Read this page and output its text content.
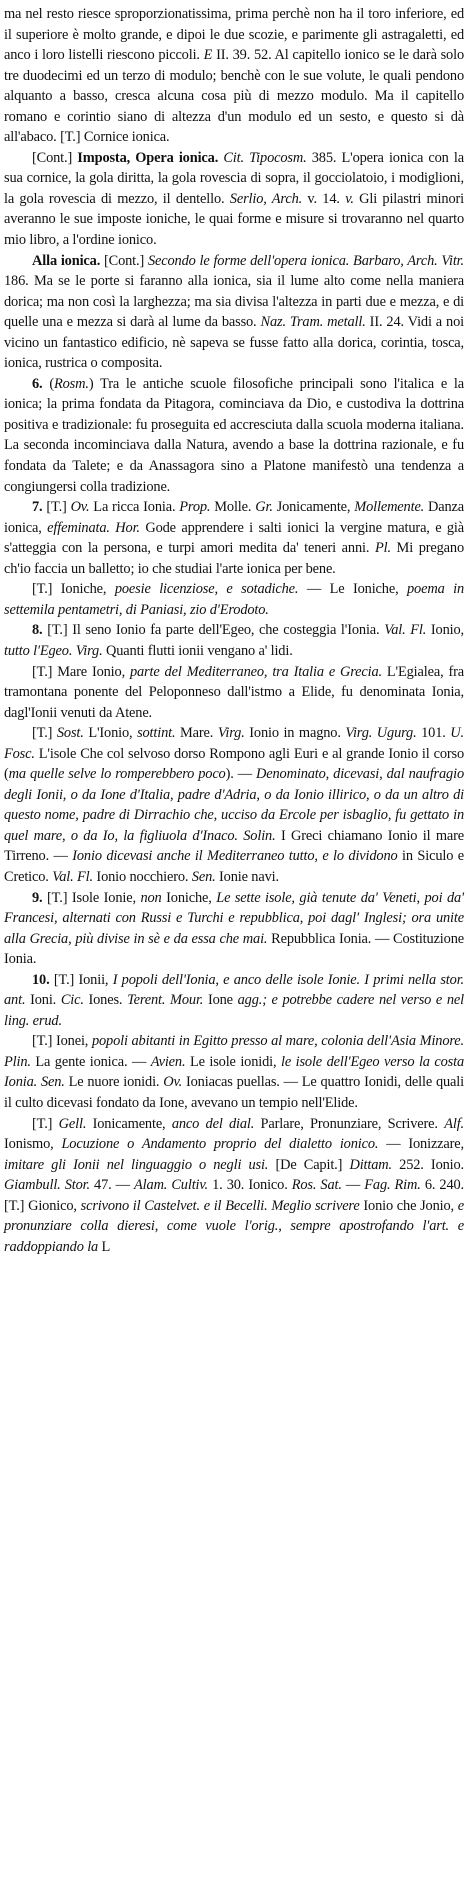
ma nel resto riesce sproporzionatissima, prima perchè non ha il toro inferiore, ed il superiore è molto grande, e dipoi le due scozie, e parimente gli astragaletti, ed anco i loro listelli riescono piccoli. E II. 39. 52. Al capitello ionico se le darà solo tre duodecimi ed un terzo di modulo; benchè con le sue volute, le quali pendono alquanto a basso, cresca alcuna cosa più di mezzo modulo. Ma il capitello romano e corintio siano di altezza d'un modulo ed un sesto, e questo si dà all'abaco. [T.] Cornice ionica.

[Cont.] Imposta, Opera ionica. Cit. Tipocosm. 385. L'opera ionica con la sua cornice, la gola diritta, la gola rovescia di sopra, il gocciolatoio, i modiglioni, la gola rovescia di mezzo, il dentello. Serlio, Arch. v. 14. v. Gli pilastri minori averanno le sue imposte ioniche, le quai forme e misure si trovaranno nel quarto mio libro, a l'ordine ionico.

Alla ionica. [Cont.] Secondo le forme dell'opera ionica. Barbaro, Arch. Vitr. 186. Ma se le porte si faranno alla ionica, sia il lume alto come nella maniera dorica; ma non così la larghezza; ma sia divisa l'altezza in parti due e mezza, e di quelle una e mezza si darà al lume da basso. Naz. Tram. metall. II. 24. Vidi a noi vicino un fantastico edificio, nè sapeva se fusse fatto alla dorica, corintia, tosca, ionica, rustrica o composita.

6. (Rosm.) Tra le antiche scuole filosofiche principali sono l'italica e la ionica; la prima fondata da Pitagora, cominciava da Dio, e custodiva la dottrina positiva e tradizionale: fu proseguita ed accresciuta dalla scuola moderna italiana. La seconda incominciava dalla Natura, avendo a base la dottrina razionale, e fu fondata da Talete; e da Anassagora sino a Platone manifestò una tendenza a congiungersi colla tradizione.

7. [T.] Ov. La ricca Ionia. Prop. Molle. Gr. Jonicamente, Mollemente. Danza ionica, effeminata. Hor. Gode apprendere i salti ionici la vergine matura, e già s'atteggia con la persona, e turpi amori medita da' teneri anni. Pl. Mi pregano ch'io faccia un balletto; io che studiai l'arte ionica per bene.

[T.] Ioniche, poesie licenziose, e sotadiche. — Le Ioniche, poema in settemila pentametri, di Paniasi, zio d'Erodoto.

8. [T.] Il seno Ionio fa parte dell'Egeo, che costeggia l'Ionia. Val. Fl. Ionio, tutto l'Egeo. Virg. Quanti flutti ionii vengano a' lidi.

[T.] Mare Ionio, parte del Mediterraneo, tra Italia e Grecia. L'Egialea, fra tramontana ponente del Peloponneso dall'istmo a Elide, fu denominata Ionia, dagl'Ionii venuti da Atene.

[T.] Sost. L'Ionio, sottint. Mare. Virg. Ionio in magno. Virg. Ugurg. 101. U. Fosc. L'isole Che col selvoso dorso Rompono agli Euri e al grande Ionio il corso (ma quelle selve lo romperebbero poco). — Denominato, dicevasi, dal naufragio degli Ionii, o da Ione d'Italia, padre d'Adria, o da Ionio illirico, o da un altro di questo nome, padre di Dirrachio che, ucciso da Ercole per isbaglio, fu gettato in quel mare, o da Io, la figliuola d'Inaco. Solin. I Greci chiamano Ionio il mare Tirreno. — Ionio dicevasi anche il Mediterraneo tutto, e lo dividono in Siculo e Cretico. Val. Fl. Ionio nocchiero. Sen. Ionie navi.

9. [T.] Isole Ionie, non Ioniche, Le sette isole, già tenute da' Veneti, poi da' Francesi, alternati con Russi e Turchi e repubblica, poi dagl' Inglesi; ora unite alla Grecia, più divise in sè e da essa che mai. Repubblica Ionia. — Costituzione Ionia.

10. [T.] Ionii, I popoli dell'Ionia, e anco delle isole Ionie. I primi nella stor. ant. Ioni. Cic. Iones. Terent. Mour. Ione agg.; e potrebbe cadere nel verso e nel ling. erud.

[T.] Ionei, popoli abitanti in Egitto presso al mare, colonia dell'Asia Minore. Plin. La gente ionica. — Avien. Le isole ionidi, le isole dell'Egeo verso la costa Ionia. Sen. Le nuore ionidi. Ov. Ioniacas puellas. — Le quattro Ionidi, delle quali il culto dicevasi fondato da Ione, avevano un tempio nell'Elide.

[T.] Gell. Ionicamente, anco del dial. Parlare, Pronunziare, Scrivere. Alf. Ionismo, Locuzione o Andamento proprio del dialetto ionico. — Ionizzare, imitare gli Ionii nel linguaggio o negli usi. [De Capit.] Dittam. 252. Ionio. Giambull. Stor. 47. — Alam. Cultiv. 1. 30. Ionico. Ros. Sat. — Fag. Rim. 6. 240. [T.] Gionico, scrivono il Castelvet. e il Becelli. Meglio scrivere Ionio che Jonio, e pronunziare colla dieresi, come vuole l'orig., sempre apostrofando l'art. e raddoppiando la L
